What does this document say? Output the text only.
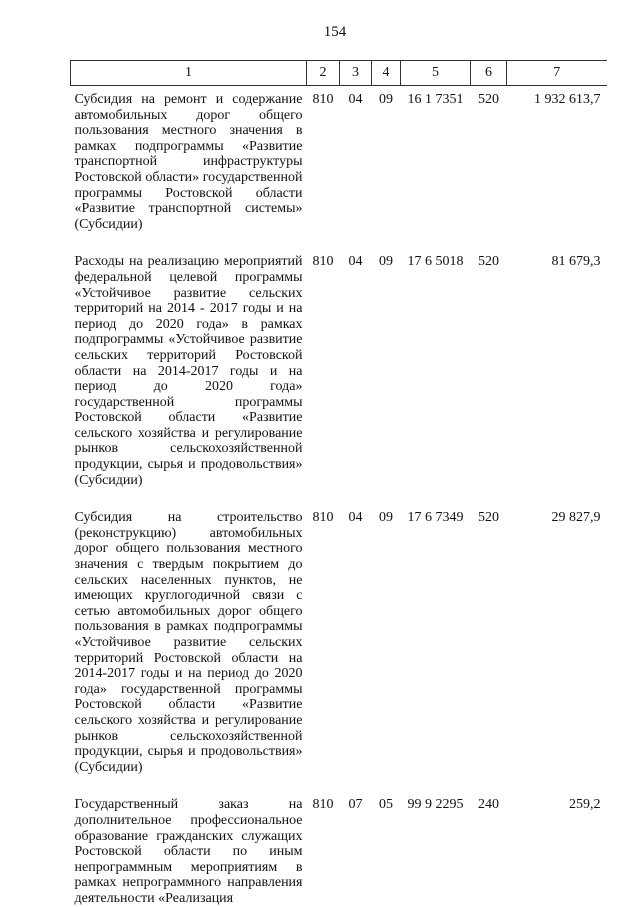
154
1	2	3	4	5	6	7
Субсидия на ремонт и содержание автомобильных дорог общего пользования местного значения в рамках подпрограммы «Развитие транспортной инфраструктуры Ростовской области» государственной программы Ростовской области «Развитие транспортной системы» (Субсидии)	810	04	09	16 1 7351	520	1 932 613,7

Расходы на реализацию мероприятий федеральной целевой программы «Устойчивое развитие сельских территорий на 2014 - 2017 годы и на период до 2020 года» в рамках подпрограммы «Устойчивое развитие сельских территорий Ростовской области на 2014-2017 годы и на период до 2020 года» государственной программы Ростовской области «Развитие сельского хозяйства и регулирование рынков сельскохозяйственной продукции, сырья и продовольствия» (Субсидии)	810	04	09	17 6 5018	520	81 679,3

Субсидия на строительство (реконструкцию) автомобильных дорог общего пользования местного значения с твердым покрытием до сельских населенных пунктов, не имеющих круглогодичной связи с сетью автомобильных дорог общего пользования в рамках подпрограммы «Устойчивое развитие сельских территорий Ростовской области на 2014-2017 годы и на период до 2020 года» государственной программы Ростовской области «Развитие сельского хозяйства и регулирование рынков сельскохозяйственной продукции, сырья и продовольствия» (Субсидии)	810	04	09	17 6 7349	520	29 827,9

Государственный заказ на дополнительное профессиональное образование гражданских служащих Ростовской области по иным непрограммным мероприятиям в рамках непрограммного направления деятельности «Реализация	810	07	05	99 9 2295	240	259,2
